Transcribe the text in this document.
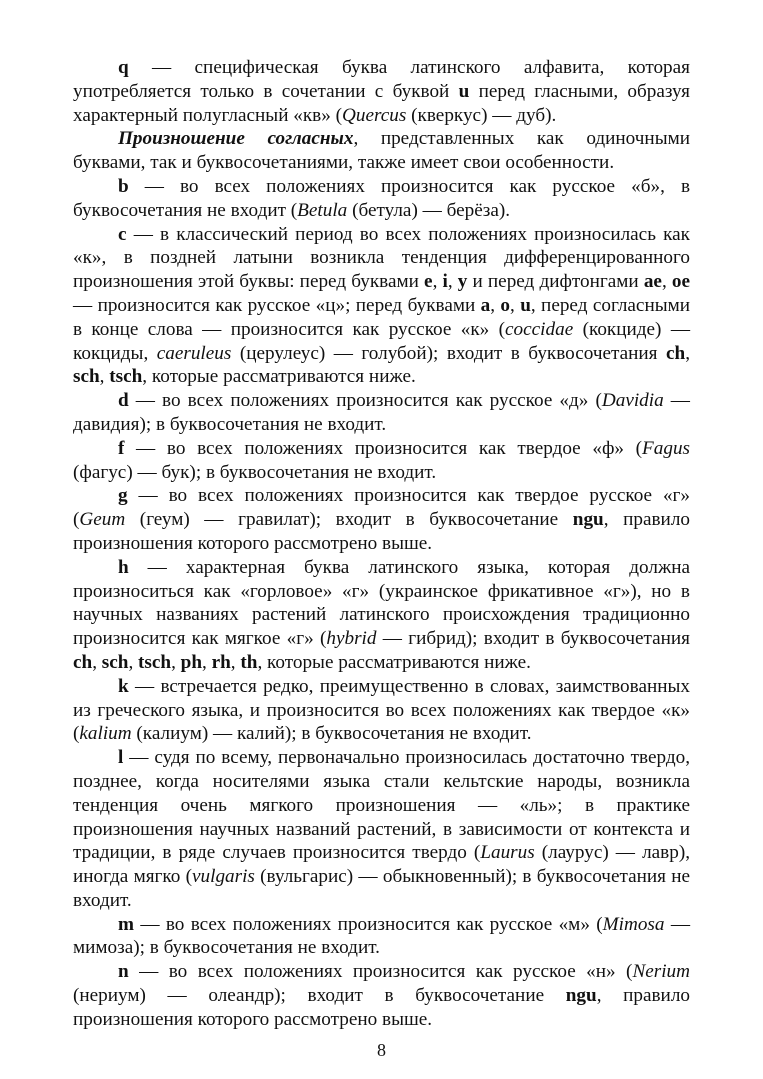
q — специфическая буква латинского алфавита, которая употребляется только в сочетании с буквой u перед гласными, образуя характерный полугласный «кв» (Quercus (кверкус) — дуб).

Произношение согласных, представленных как одиночными буквами, так и буквосочетаниями, также имеет свои особенности.

b — во всех положениях произносится как русское «б», в буквосочетания не входит (Betula (бетула) — берёза).

c — в классический период во всех положениях произносилась как «к», в поздней латыни возникла тенденция дифференцированного произношения этой буквы: перед буквами e, i, y и перед дифтонгами ae, oe — произносится как русское «ц»; перед буквами a, o, u, перед согласными в конце слова — произносится как русское «к» (coccidae (кокциде) — кокциды, caeruleus (церулеус) — голубой); входит в буквосочетания ch, sch, tsch, которые рассматриваются ниже.

d — во всех положениях произносится как русское «д» (Davidia — давидия); в буквосочетания не входит.

f — во всех положениях произносится как твердое «ф» (Fagus (фагус) — бук); в буквосочетания не входит.

g — во всех положениях произносится как твердое русское «г» (Geum (геум) — гравилат); входит в буквосочетание ngu, правило произношения которого рассмотрено выше.

h — характерная буква латинского языка, которая должна произноситься как «горловое» «г» (украинское фрикативное «г»), но в научных названиях растений латинского происхождения традиционно произносится как мягкое «г» (hybrid — гибрид); входит в буквосочетания ch, sch, tsch, ph, rh, th, которые рассматриваются ниже.

k — встречается редко, преимущественно в словах, заимствованных из греческого языка, и произносится во всех положениях как твердое «к» (kalium (калиум) — калий); в буквосочетания не входит.

l — судя по всему, первоначально произносилась достаточно твердо, позднее, когда носителями языка стали кельтские народы, возникла тенденция очень мягкого произношения — «ль»; в практике произношения научных названий растений, в зависимости от контекста и традиции, в ряде случаев произносится твердо (Laurus (лаурус) — лавр), иногда мягко (vulgaris (вульгарис) — обыкновенный); в буквосочетания не входит.

m — во всех положениях произносится как русское «м» (Mimosa — мимоза); в буквосочетания не входит.

n — во всех положениях произносится как русское «н» (Nerium (нериум) — олеандр); входит в буквосочетание ngu, правило произношения которого рассмотрено выше.

8
